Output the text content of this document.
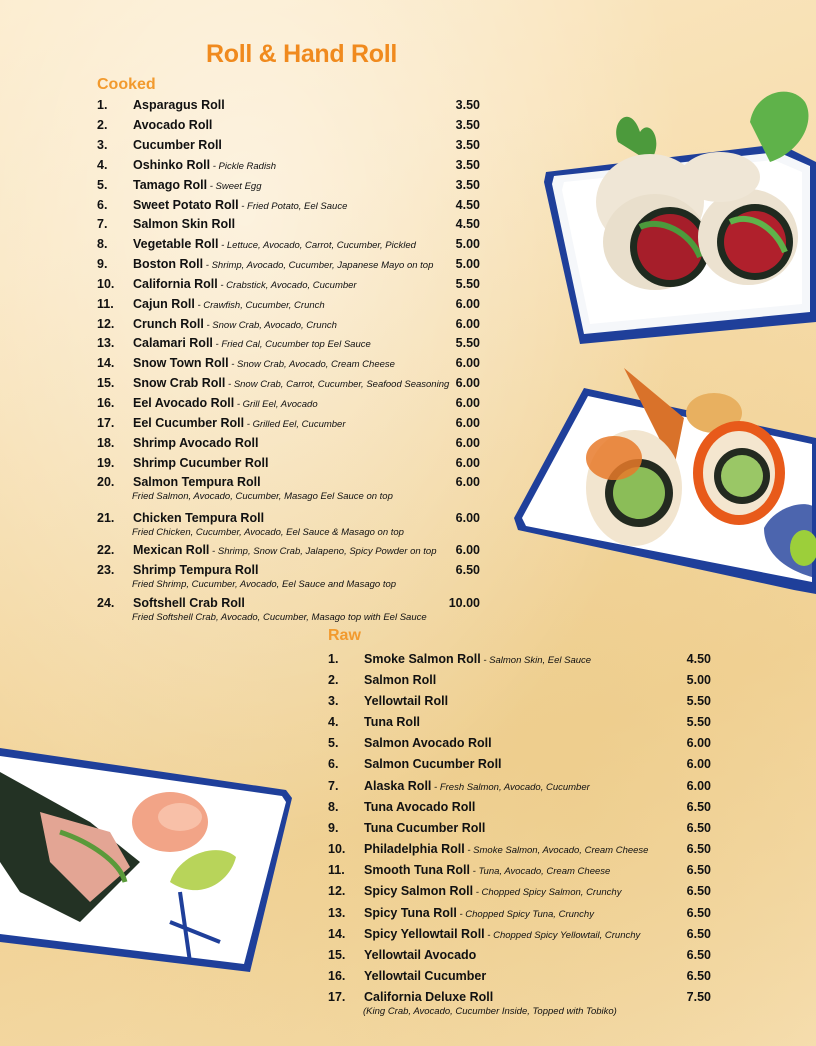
Roll & Hand Roll
Cooked
1. Asparagus Roll	3.50
2. Avocado Roll	3.50
3. Cucumber Roll	3.50
4. Oshinko Roll - Pickle Radish	3.50
5. Tamago Roll - Sweet Egg	3.50
6. Sweet Potato Roll - Fried Potato, Eel Sauce	4.50
7. Salmon Skin Roll	4.50
8. Vegetable Roll - Lettuce, Avocado, Carrot, Cucumber, Pickled	5.00
9. Boston Roll - Shrimp, Avocado, Cucumber, Japanese Mayo on top	5.00
10. California Roll - Crabstick, Avocado, Cucumber	5.50
11. Cajun Roll - Crawfish, Cucumber, Crunch	6.00
12. Crunch Roll - Snow Crab, Avocado, Crunch	6.00
13. Calamari Roll - Fried Cal, Cucumber top Eel Sauce	5.50
14. Snow Town Roll - Snow Crab, Avocado, Cream Cheese	6.00
15. Snow Crab Roll - Snow Crab, Carrot, Cucumber, Seafood Seasoning 6.00
16. Eel Avocado Roll - Grill Eel, Avocado	6.00
17. Eel Cucumber Roll - Grilled Eel, Cucumber	6.00
18. Shrimp Avocado Roll	6.00
19. Shrimp Cucumber Roll	6.00
20. Salmon Tempura Roll
Fried Salmon, Avocado, Cucumber, Masago Eel Sauce on top
6.00
21. Chicken Tempura Roll
Fried Chicken, Cucumber, Avocado, Eel Sauce & Masago on top
6.00
22. Mexican Roll - Shrimp, Snow Crab, Jalapeno, Spicy Powder on top	6.00
23. Shrimp Tempura Roll
Fried Shrimp, Cucumber, Avocado, Eel Sauce and Masago top
6.50
24. Softshell Crab Roll
Fried Softshell Crab, Avocado, Cucumber, Masago top with Eel Sauce
10.00
Raw
1. Smoke Salmon Roll - Salmon Skin, Eel Sauce	4.50
2. Salmon Roll	5.00
3. Yellowtail Roll	5.50
4. Tuna Roll	5.50
5. Salmon Avocado Roll	6.00
6. Salmon Cucumber Roll	6.00
7. Alaska Roll - Fresh Salmon, Avocado, Cucumber	6.00
8. Tuna Avocado Roll	6.50
9. Tuna Cucumber Roll	6.50
10. Philadelphia Roll - Smoke Salmon, Avocado, Cream Cheese	6.50
11. Smooth Tuna Roll - Tuna, Avocado, Cream Cheese	6.50
12. Spicy Salmon Roll - Chopped Spicy Salmon, Crunchy	6.50
13. Spicy Tuna Roll - Chopped Spicy Tuna, Crunchy	6.50
14. Spicy Yellowtail Roll - Chopped Spicy Yellowtail, Crunchy	6.50
15. Yellowtail Avocado	6.50
16. Yellowtail Cucumber	6.50
17. California Deluxe Roll
(King Crab, Avocado, Cucumber Inside, Topped with Tobiko)
7.50
